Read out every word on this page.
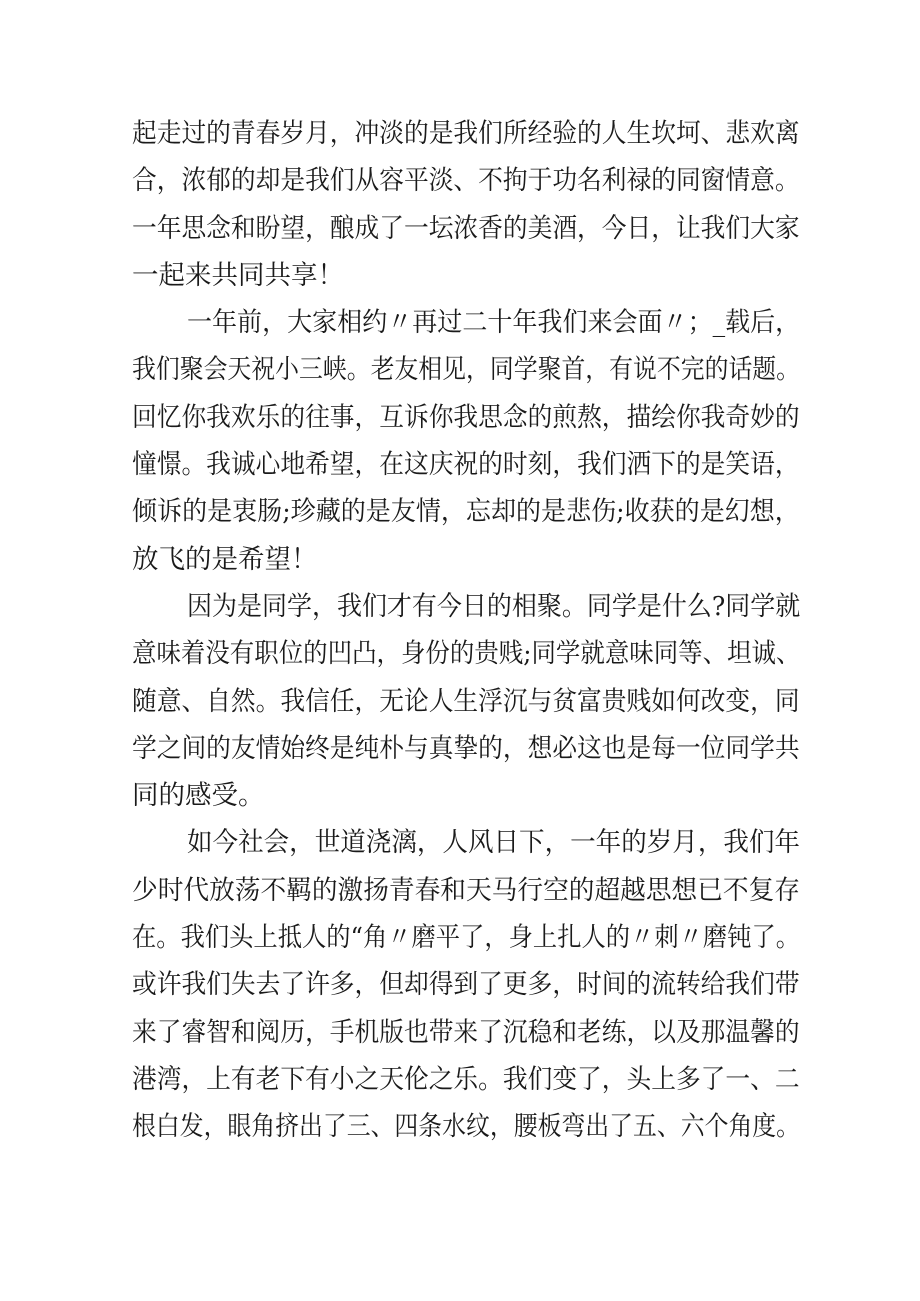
起走过的青春岁月，冲淡的是我们所经验的人生坎坷、悲欢离
合，浓郁的却是我们从容平淡、不拘于功名利禄的同窗情意。
一年思念和盼望，酿成了一坛浓香的美酒，今日，让我们大家
一起来共同共享！
一年前，大家相约〃再过二十年我们来会面〃；_载后，
我们聚会天祝小三峡。老友相见，同学聚首，有说不完的话题。
回忆你我欢乐的往事，互诉你我思念的煎熬，描绘你我奇妙的
憧憬。我诚心地希望，在这庆祝的时刻，我们洒下的是笑语，
倾诉的是衷肠;珍藏的是友情，忘却的是悲伤;收获的是幻想，
放飞的是希望！
因为是同学，我们才有今日的相聚。同学是什么?同学就
意味着没有职位的凹凸，身份的贵贱;同学就意味同等、坦诚、
随意、自然。我信任，无论人生浮沉与贫富贵贱如何改变，同
学之间的友情始终是纯朴与真挚的，想必这也是每一位同学共
同的感受。
如今社会，世道浇漓，人风日下，一年的岁月，我们年
少时代放荡不羁的激扬青春和天马行空的超越思想已不复存
在。我们头上抵人的“角〃磨平了，身上扎人的〃刺〃磨钝了。
或许我们失去了许多，但却得到了更多，时间的流转给我们带
来了睿智和阅历，手机版也带来了沉稳和老练，以及那温馨的
港湾，上有老下有小之天伦之乐。我们变了，头上多了一、二
根白发，眼角挤出了三、四条水纹，腰板弯出了五、六个角度。
